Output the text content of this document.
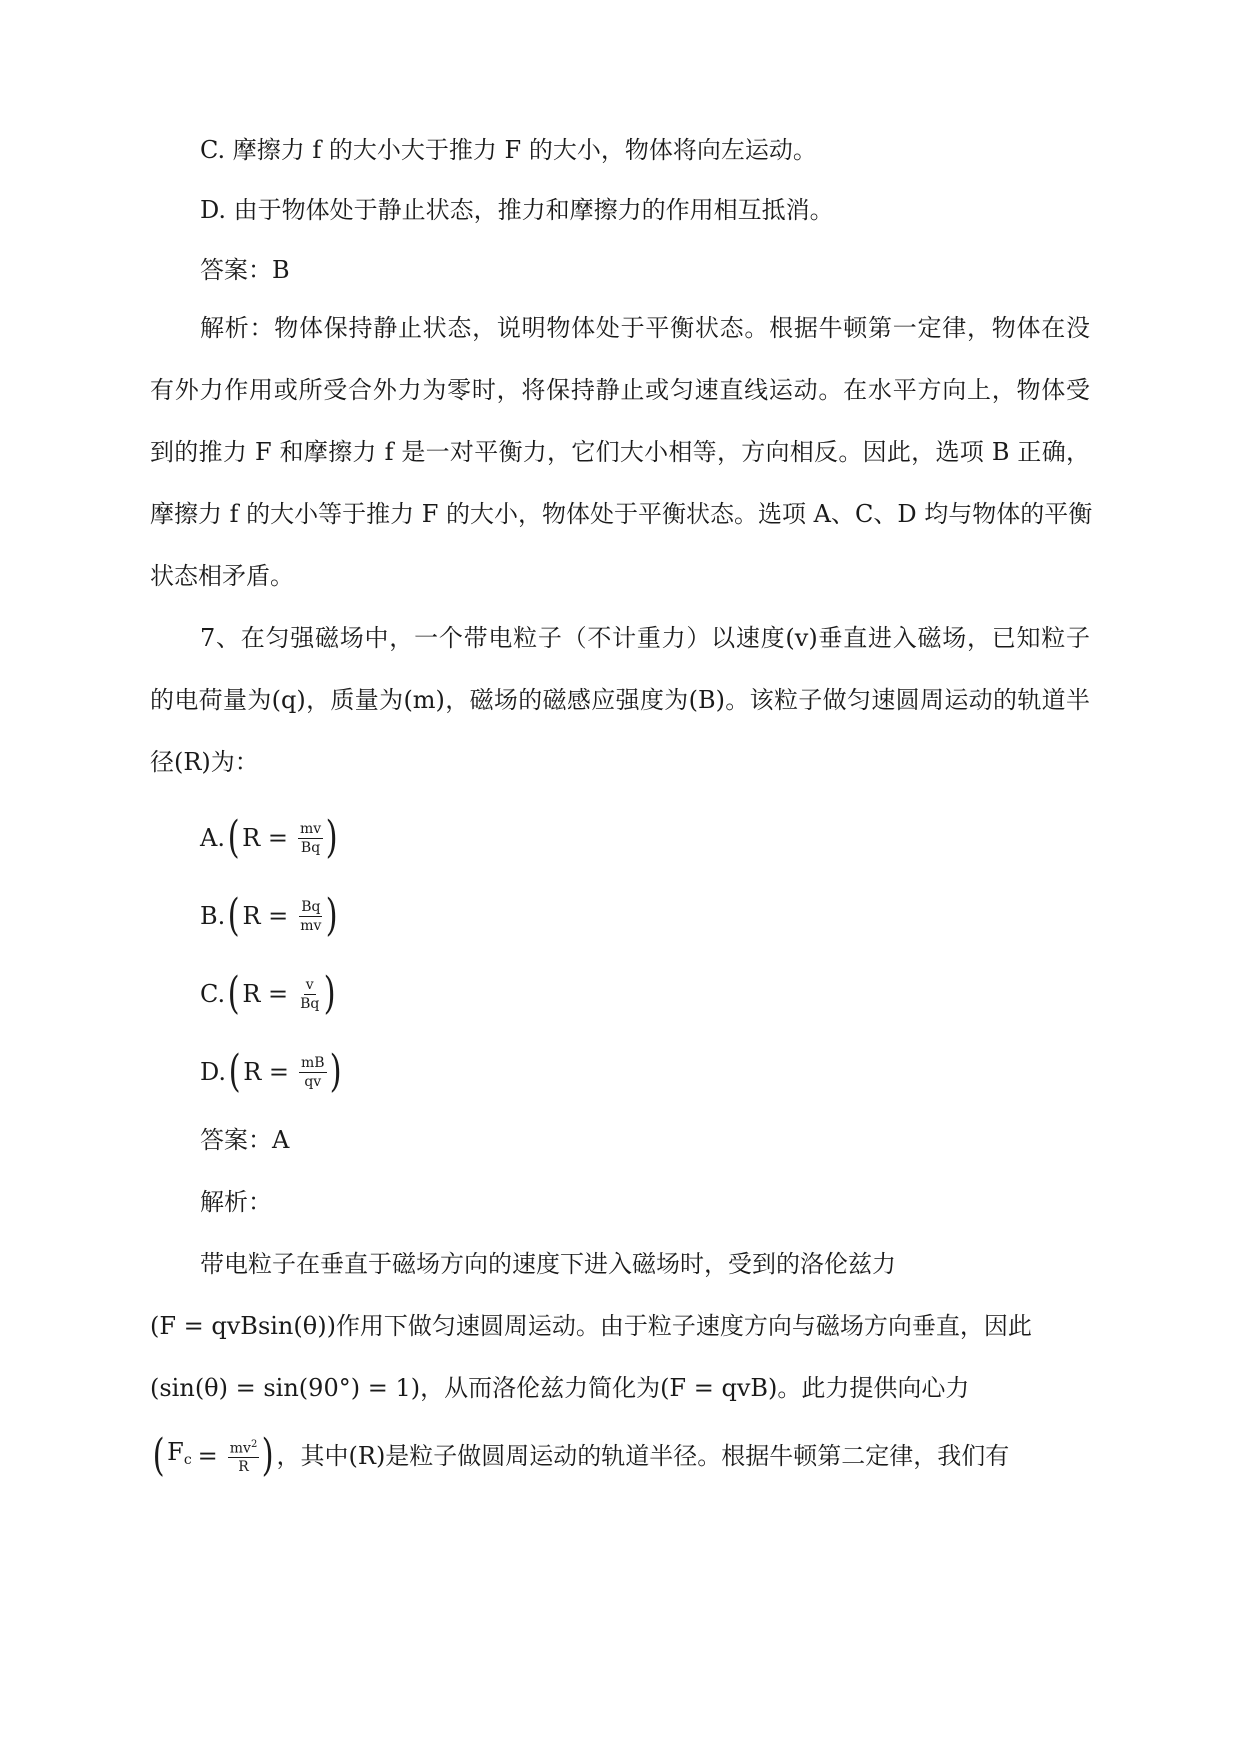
C. 摩擦力 f 的大小大于推力 F 的大小，物体将向左运动。
D. 由于物体处于静止状态，推力和摩擦力的作用相互抵消。
答案：B
解析：物体保持静止状态，说明物体处于平衡状态。根据牛顿第一定律，物体在没
有外力作用或所受合外力为零时，将保持静止或匀速直线运动。在水平方向上，物体受
到的推力 F 和摩擦力 f 是一对平衡力，它们大小相等，方向相反。因此，选项 B 正确，
摩擦力 f 的大小等于推力 F 的大小，物体处于平衡状态。选项 A、C、D 均与物体的平衡
状态相矛盾。
7、在匀强磁场中，一个带电粒子（不计重力）以速度(v)垂直进入磁场，已知粒子
的电荷量为(q)，质量为(m)，磁场的磁感应强度为(B)。该粒子做匀速圆周运动的轨道半
径(R)为：
A. ( $R = \frac{mv}{Bq}$ )
B. ( $R = \frac{Bq}{mv}$ )
C. ( $R = \frac{v}{Bq}$ )
D. ( $R = \frac{mB}{qv}$ )
答案：A
解析：
带电粒子在垂直于磁场方向的速度下进入磁场时，受到的洛伦兹力
(F = qvBsin(θ))作用下做匀速圆周运动。由于粒子速度方向与磁场方向垂直，因此
(sin(θ) = sin(90°) = 1)，从而洛伦兹力简化为(F = qvB)。此力提供向心力
( $F_c = \frac{mv^2}{R}$ ) ，其中(R)是粒子做圆周运动的轨道半径。根据牛顿第二定律，我们有
